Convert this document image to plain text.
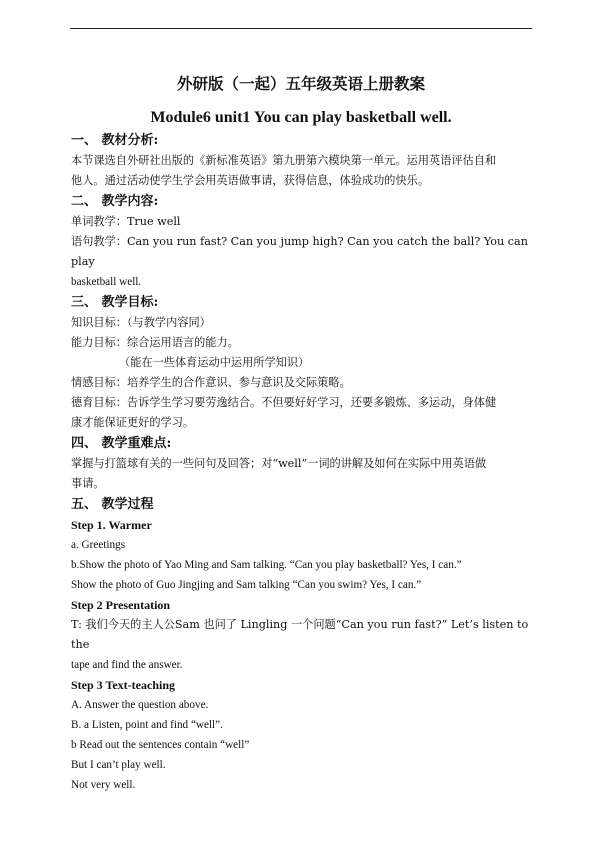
外研版（一起）五年级英语上册教案
Module6 unit1 You can play basketball well.
一、 教材分析:
本节课选自外研社出版的《新标准英语》第九册第六模块第一单元。运用英语评估自和
他人。通过活动使学生学会用英语做事请，获得信息，体验成功的快乐。
二、 教学内容:
单词教学：True well
语句教学：Can you run fast? Can you jump high? Can you catch the ball? You can play
basketball well.
三、 教学目标:
知识目标：（与教学内容同）
能力目标：综合运用语言的能力。
（能在一些体育运动中运用所学知识）
情感目标：培养学生的合作意识、参与意识及交际策略。
德育目标：告诉学生学习要劳逸结合。不但要好好学习，还要多锻炼、多运动，身体健
康才能保证更好的学习。
四、 教学重难点:
掌握与打篮球有关的一些问句及回答；对“well”一词的讲解及如何在实际中用英语做
事请。
五、 教学过程
Step 1. Warmer
a. Greetings
b.Show the photo of Yao Ming and Sam talking. “Can you play basketball? Yes, I can.”
Show the photo of Guo Jingjing and Sam talking “Can you swim? Yes, I can.”
Step 2 Presentation
T: 我们今天的主人公Sam 也问了 Lingling 一个问题“Can you run fast?” Let’s listen to the
tape and find the answer.
Step 3 Text-teaching
A. Answer the question above.
B. a Listen, point and find “well”.
b Read out the sentences contain “well”
But I can’t play well.
Not very well.
